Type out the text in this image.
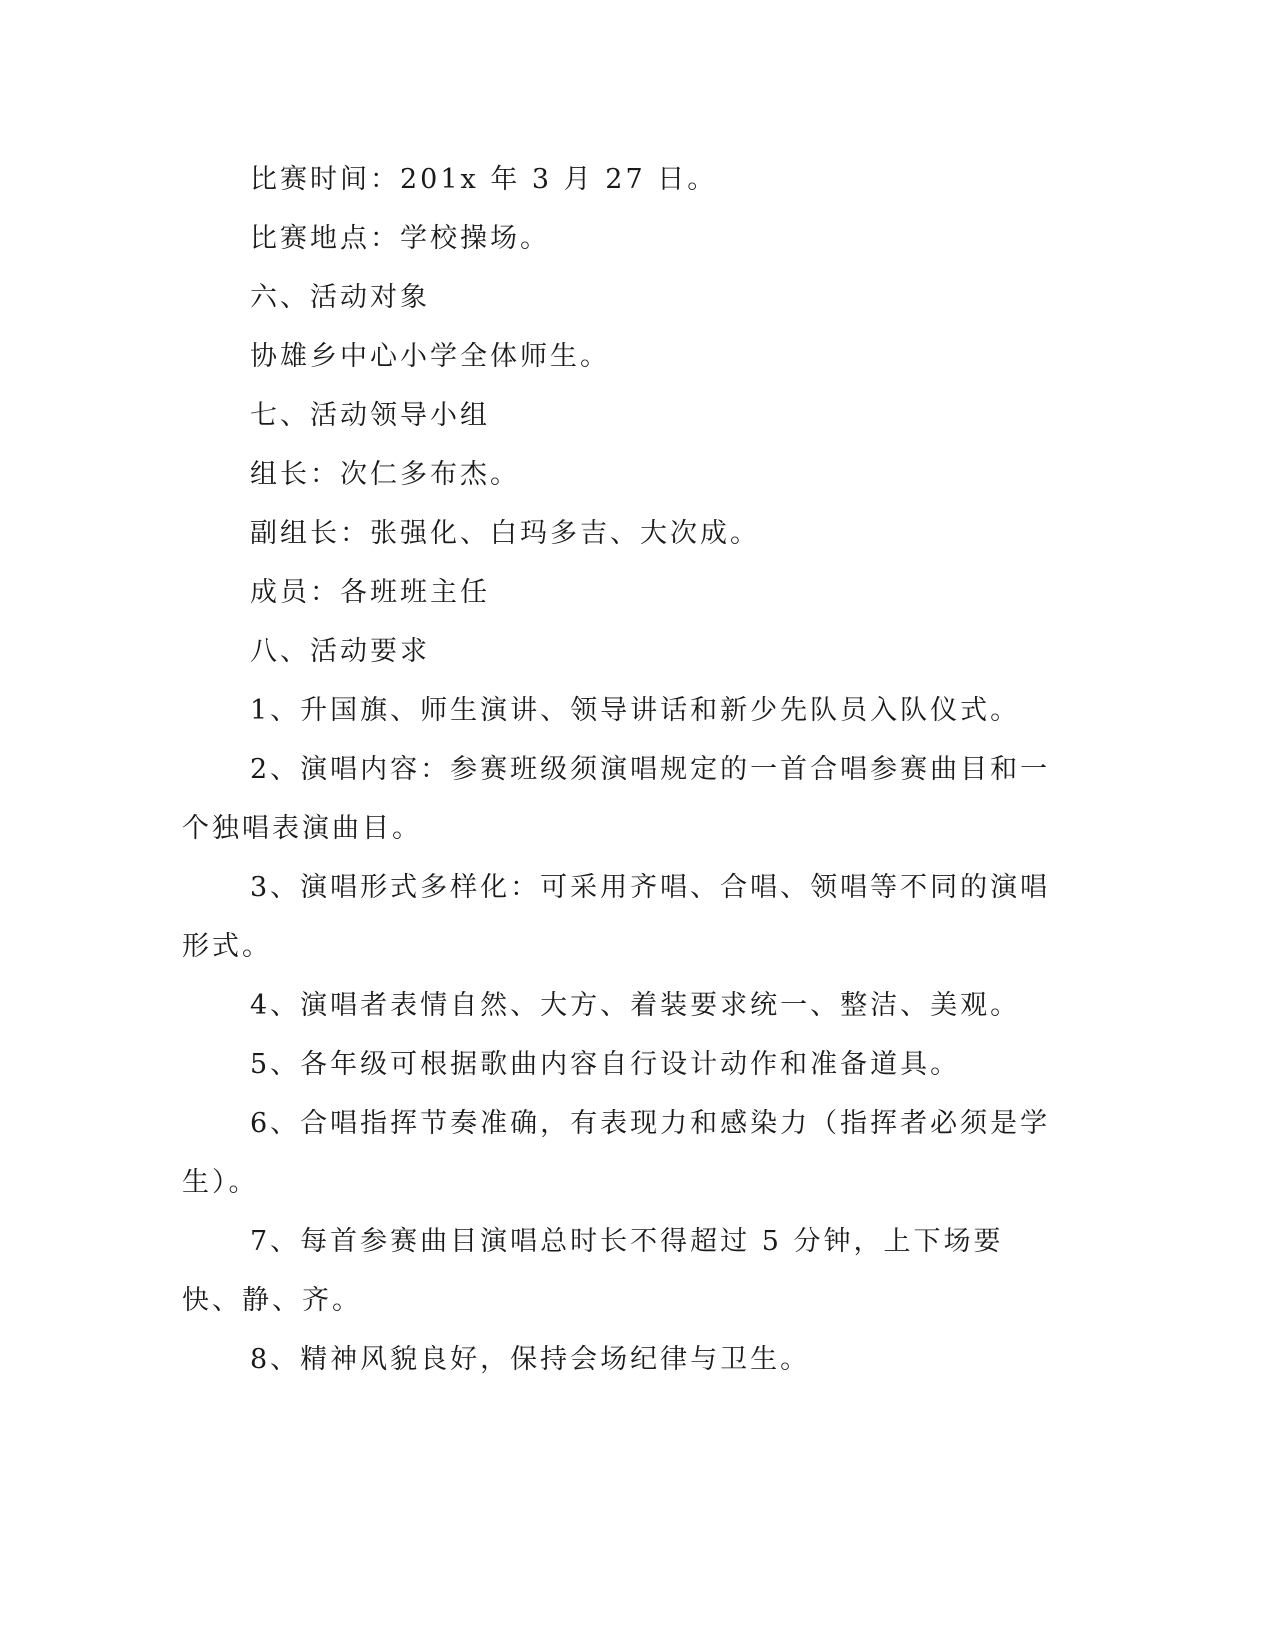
比赛时间：201x 年 3 月 27 日。

比赛地点：学校操场。

六、活动对象

协雄乡中心小学全体师生。

七、活动领导小组

组长：次仁多布杰。

副组长：张强化、白玛多吉、大次成。

成员：各班班主任

八、活动要求

1、升国旗、师生演讲、领导讲话和新少先队员入队仪式。

2、演唱内容：参赛班级须演唱规定的一首合唱参赛曲目和一个独唱表演曲目。

3、演唱形式多样化：可采用齐唱、合唱、领唱等不同的演唱形式。

4、演唱者表情自然、大方、着装要求统一、整洁、美观。

5、各年级可根据歌曲内容自行设计动作和准备道具。

6、合唱指挥节奏准确，有表现力和感染力（指挥者必须是学生）。

7、每首参赛曲目演唱总时长不得超过 5 分钟，上下场要快、静、齐。

8、精神风貌良好，保持会场纪律与卫生。
